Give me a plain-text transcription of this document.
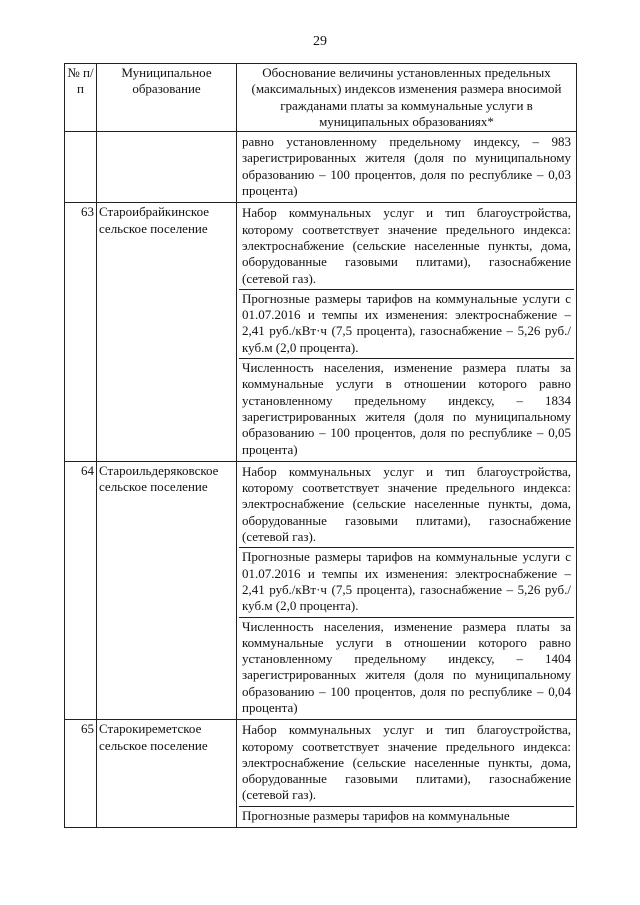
29
№ п/п	Муниципальное образование	Обоснование величины установленных предельных (максимальных) индексов изменения размера вносимой гражданами платы за коммунальные услуги в муниципальных образованиях*

		равно установленному предельному индексу, – 983 зарегистрированных жителя (доля по муниципальному образованию – 100 процентов, доля по республике – 0,03 процента)

63	Староибрайкинское сельское поселение	Набор коммунальных услуг и тип благоустройства, которому соответствует значение предельного индекса: электроснабжение (сельские населенные пункты, дома, оборудованные газовыми плитами), газоснабжение (сетевой газ).
Прогнозные размеры тарифов на коммунальные услуги с 01.07.2016 и темпы их изменения: электроснабжение – 2,41 руб./кВт·ч (7,5 процента), газоснабжение – 5,26 руб./куб.м (2,0 процента).
Численность населения, изменение размера платы за коммунальные услуги в отношении которого равно установленному предельному индексу, – 1834 зарегистрированных жителя (доля по муниципальному образованию – 100 процентов, доля по республике – 0,05 процента)

64	Староильдеряковское сельское поселение	Набор коммунальных услуг и тип благоустройства, которому соответствует значение предельного индекса: электроснабжение (сельские населенные пункты, дома, оборудованные газовыми плитами), газоснабжение (сетевой газ).
Прогнозные размеры тарифов на коммунальные услуги с 01.07.2016 и темпы их изменения: электроснабжение – 2,41 руб./кВт·ч (7,5 процента), газоснабжение – 5,26 руб./куб.м (2,0 процента).
Численность населения, изменение размера платы за коммунальные услуги в отношении которого равно установленному предельному индексу, – 1404 зарегистрированных жителя (доля по муниципальному образованию – 100 процентов, доля по республике – 0,04 процента)

65	Старокиреметское сельское поселение	Набор коммунальных услуг и тип благоустройства, которому соответствует значение предельного индекса: электроснабжение (сельские населенные пункты, дома, оборудованные газовыми плитами), газоснабжение (сетевой газ).
Прогнозные размеры тарифов на коммунальные
